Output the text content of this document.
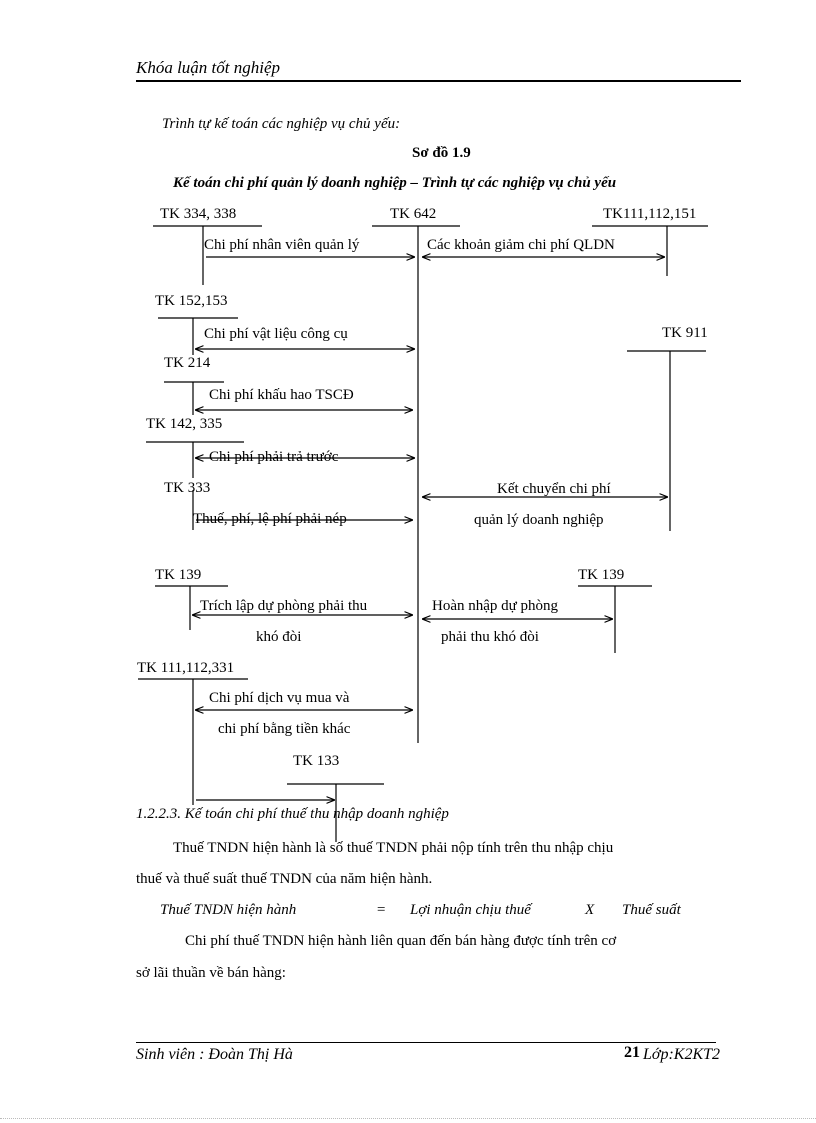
Khóa luận tốt nghiệp
Trình tự kế toán các nghiệp vụ chủ yếu:
Sơ đồ 1.9
Kế toán chi phí quản lý doanh nghiệp – Trình tự các nghiệp vụ chủ yếu
TK 334, 338	TK 642	TK111,112,151
TK 152,153
TK 911
TK 214
TK 142, 335
TK 333
TK 139	TK 139
TK 111,112,331
TK 133
Chi phí nhân viên quản lý	Các khoản giảm chi phí QLDN
Chi phí vật liệu công cụ
Chi phí khấu hao TSCĐ
Chi phí phải trả trước
Kết chuyển chi phí
quản lý doanh nghiệp
Thuế, phí, lệ phí phải nép
Trích lập dự phòng phải thu
khó đòi
Hoàn nhập dự phòng
phải thu khó đòi
Chi phí dịch vụ mua và
chi phí bằng tiền khác
1.2.2.3. Kế toán chi phí thuế thu nhập doanh nghiệp
Thuế TNDN hiện hành là số thuế TNDN phải nộp tính trên thu nhập chịu
thuế và thuế suất thuế TNDN của năm hiện hành.
Thuế TNDN hiện hành	= Lợi nhuận chịu thuế	X Thuế suất
Chi phí thuế TNDN hiện hành liên quan đến bán hàng được tính trên cơ
sở lãi thuần về bán hàng:
Sinh viên : Đoàn Thị Hà	21 Lớp:K2KT2
